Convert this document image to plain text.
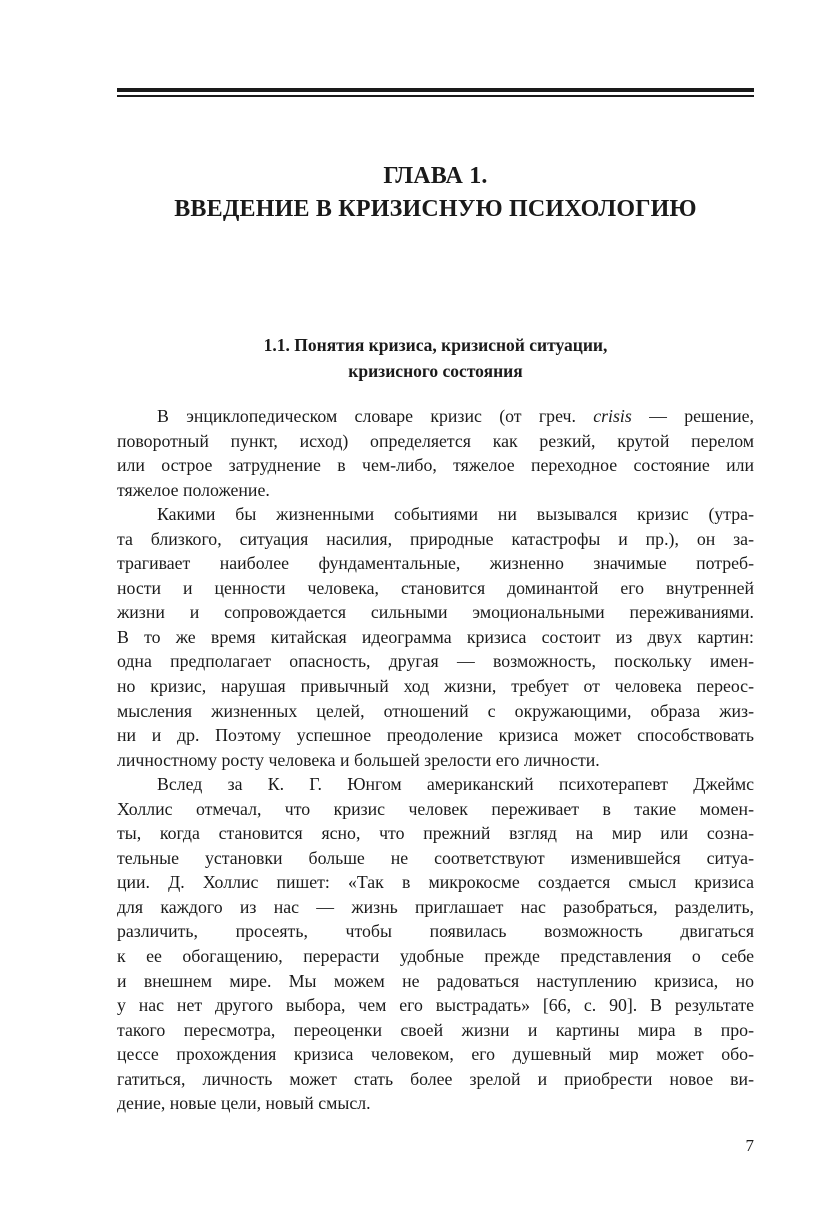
ГЛАВА 1.
ВВЕДЕНИЕ В КРИЗИСНУЮ ПСИХОЛОГИЮ
1.1. Понятия кризиса, кризисной ситуации,
кризисного состояния

В энциклопедическом словаре кризис (от греч. crisis — решение,
поворотный пункт, исход) определяется как резкий, крутой перелом
или острое затруднение в чем-либо, тяжелое переходное состояние или
тяжелое положение.

Какими бы жизненными событиями ни вызывался кризис (утра-
та близкого, ситуация насилия, природные катастрофы и пр.), он за-
трагивает наиболее фундаментальные, жизненно значимые потреб-
ности и ценности человека, становится доминантой его внутренней
жизни и сопровождается сильными эмоциональными переживаниями.
В то же время китайская идеограмма кризиса состоит из двух картин:
одна предполагает опасность, другая — возможность, поскольку имен-
но кризис, нарушая привычный ход жизни, требует от человека переос-
мысления жизненных целей, отношений с окружающими, образа жиз-
ни и др. Поэтому успешное преодоление кризиса может способствовать
личностному росту человека и большей зрелости его личности.

Вслед за К. Г. Юнгом американский психотерапевт Джеймс
Холлис отмечал, что кризис человек переживает в такие момен-
ты, когда становится ясно, что прежний взгляд на мир или созна-
тельные установки больше не соответствуют изменившейся ситуа-
ции. Д. Холлис пишет: «Так в микрокосме создается смысл кризиса
для каждого из нас — жизнь приглашает нас разобраться, разделить,
различить, просеять, чтобы появилась возможность двигаться
к ее обогащению, перерасти удобные прежде представления о себе
и внешнем мире. Мы можем не радоваться наступлению кризиса, но
у нас нет другого выбора, чем его выстрадать» [66, с. 90]. В результате
такого пересмотра, переоценки своей жизни и картины мира в про-
цессе прохождения кризиса человеком, его душевный мир может обо-
гатиться, личность может стать более зрелой и приобрести новое ви-
дение, новые цели, новый смысл.

7
